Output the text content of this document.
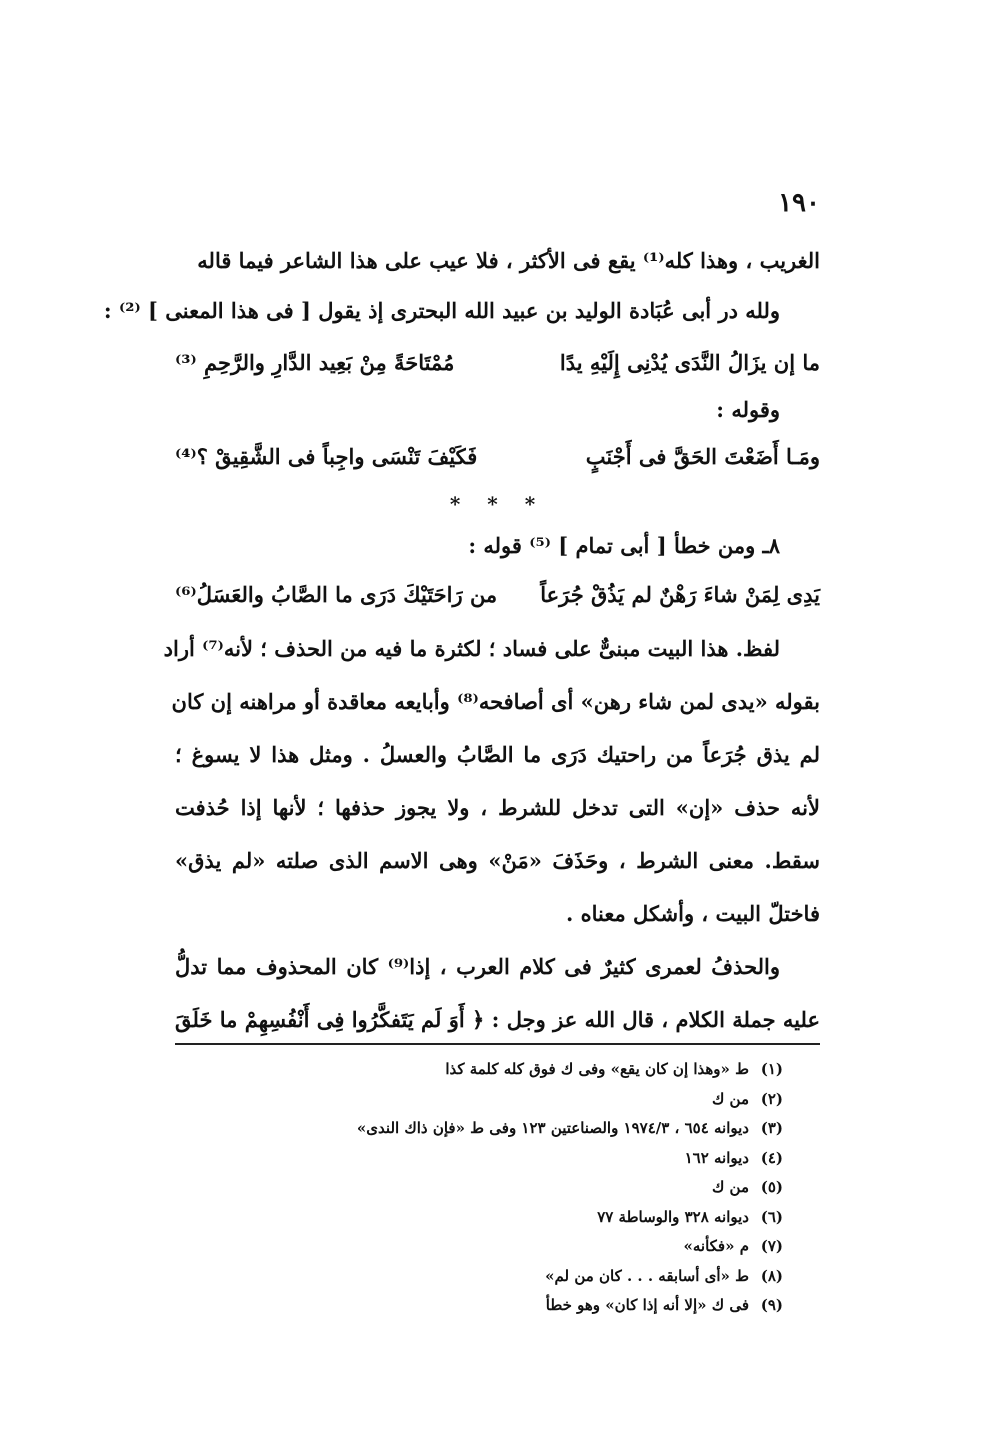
١٩٠
الغريب ، وهذا كله⁽¹⁾ يقع فى الأكثر ، فلا عيب على هذا الشاعر فيما قاله
ولله در أبى عُبَادة الوليد بن عبيد الله البحترى إذ يقول [ فى هذا المعنى ] ⁽²⁾ :
ما إن يزَالُ النَّدَى يُدْنِى إِلَيْهِ يدًا
مُمْتَاحَةً مِنْ بَعِيد الدَّارِ والرَّحِمِ ⁽³⁾
وقوله :
ومَـا أَضَعْتَ الحَقَّ فى أَجْنَبٍ
فَكَيْفَ تَنْسَى واجِباً فى الشَّقِيقْ ؟⁽⁴⁾
* * *
٨ـ ومن خطأ [ أبى تمام ] ⁽⁵⁾ قوله :
يَدِى لِمَنْ شاءَ رَهْنٌ لم يَذُقْ جُرَعاً
من رَاحَتَيْكَ دَرَى ما الصَّابُ والعَسَلُ⁽⁶⁾
لفظ. هذا البيت مبنىٌّ على فساد ؛ لكثرة ما فيه من الحذف ؛ لأنه⁽⁷⁾ أراد
بقوله «يدى لمن شاء رهن» أى أصافحه⁽⁸⁾ وأبايعه معاقدة أو مراهنه إن كان
لم يذق جُرَعاً من راحتيك دَرَى ما الصَّابُ والعسلُ . ومثل هذا لا يسوغ ؛
لأنه حذف «إن» التى تدخل للشرط ، ولا يجوز حذفها ؛ لأنها إذا حُذفت
سقط. معنى الشرط ، وحَذَفَ «مَنْ» وهى الاسم الذى صلته «لم يذق»
فاختلّ البيت ، وأشكل معناه .
والحذفُ لعمرى كثيرٌ فى كلام العرب ، إذا⁽⁹⁾ كان المحذوف مما تدلُّ
عليه جملة الكلام ، قال الله عز وجل : ﴿ أَوَ لَم يَتَفكَّرُوا فِى أَنْفُسِهِمْ ما خَلَقَ
(١)ط «وهذا إن كان يقع» وفى ك فوق كله كلمة كذا
(٢)من ك
(٣)ديوانه ٦٥٤ ، ١٩٧٤/٣ والصناعتين ١٢٣ وفى ط «فإن ذاك الندى»
(٤)ديوانه ١٦٢
(٥)من ك
(٦)ديوانه ٣٢٨ والوساطة ٧٧
(٧)م «فكأنه»
(٨)ط «أى أسابقه . . . كان من لم»
(٩)فى ك «إلا أنه إذا كان» وهو خطأ
